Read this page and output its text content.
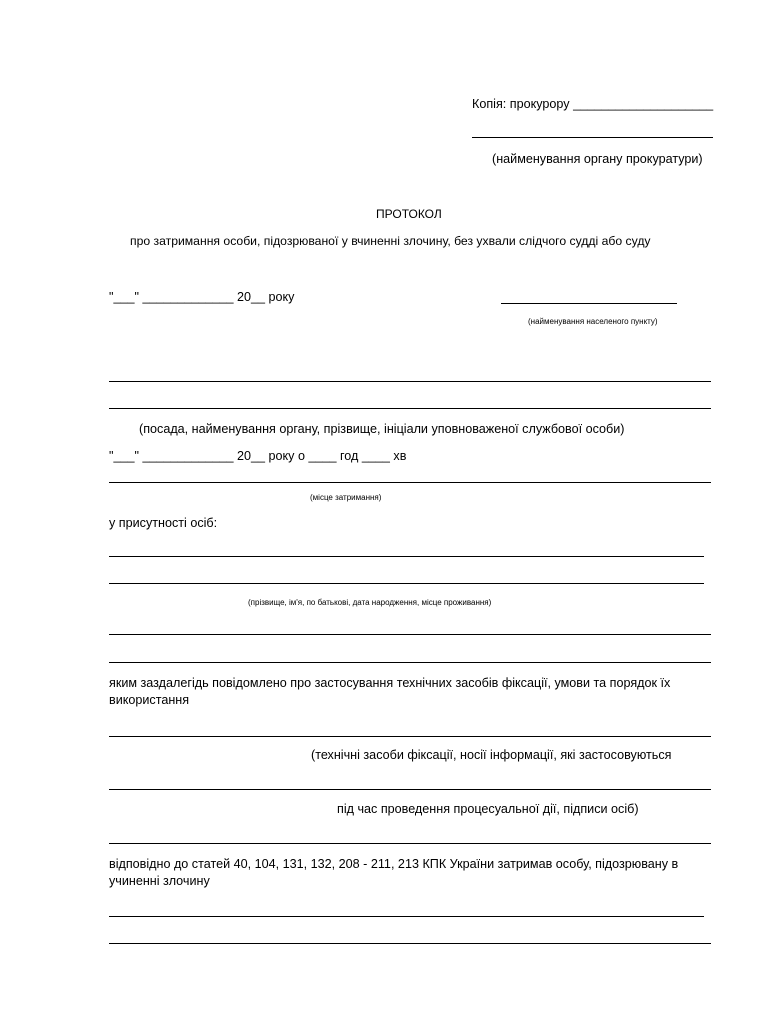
Копія: прокурору ____________________
(найменування органу прокуратури)
ПРОТОКОЛ
про затримання особи, підозрюваної у вчиненні злочину, без ухвали слідчого судді або суду
"___" _____________ 20__ року
(найменування населеного пункту)
(посада, найменування органу, прізвище, ініціали уповноваженої службової особи)
"___" _____________ 20__ року о ____ год ____ хв
(місце затримання)
у присутності осіб:
(прізвище, ім'я, по батькові, дата народження, місце проживання)
яким заздалегідь повідомлено про застосування технічних засобів фіксації, умови та порядок їх використання
(технічні засоби фіксації, носії інформації, які застосовуються
під час проведення процесуальної дії, підписи осіб)
відповідно до статей 40, 104, 131, 132, 208 - 211, 213 КПК України затримав особу, підозрювану в учиненні злочину
